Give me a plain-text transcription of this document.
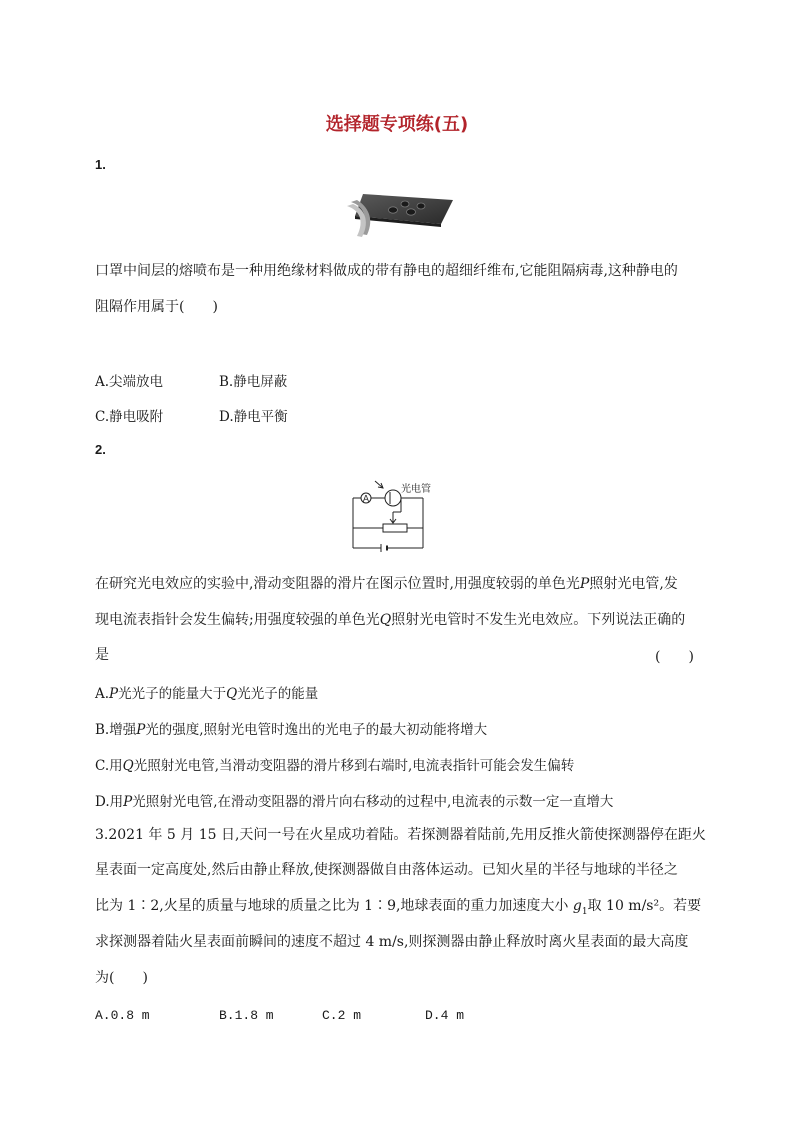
选择题专项练(五)
1.
口罩中间层的熔喷布是一种用绝缘材料做成的带有静电的超细纤维布,它能阻隔病毒,这种静电的
阻隔作用属于(　　)
A.尖端放电	B.静电屏蔽
C.静电吸附	D.静电平衡
2.
A
光电管
在研究光电效应的实验中,滑动变阻器的滑片在图示位置时,用强度较弱的单色光P照射光电管,发
现电流表指针会发生偏转;用强度较强的单色光Q照射光电管时不发生光电效应。下列说法正确的
是	(　　)
A.P光光子的能量大于Q光光子的能量
B.增强P光的强度,照射光电管时逸出的光电子的最大初动能将增大
C.用Q光照射光电管,当滑动变阻器的滑片移到右端时,电流表指针可能会发生偏转
D.用P光照射光电管,在滑动变阻器的滑片向右移动的过程中,电流表的示数一定一直增大
3.2021 年 5 月 15 日,天问一号在火星成功着陆。若探测器着陆前,先用反推火箭使探测器停在距火
星表面一定高度处,然后由静止释放,使探测器做自由落体运动。已知火星的半径与地球的半径之
比为 1∶2,火星的质量与地球的质量之比为 1∶9,地球表面的重力加速度大小 $g_1$取 10 m/s²。若要
求探测器着陆火星表面前瞬间的速度不超过 4 m/s,则探测器由静止释放时离火星表面的最大高度
为(　　)
A.0.8 m	B.1.8 m	C.2 m	D.4 m
